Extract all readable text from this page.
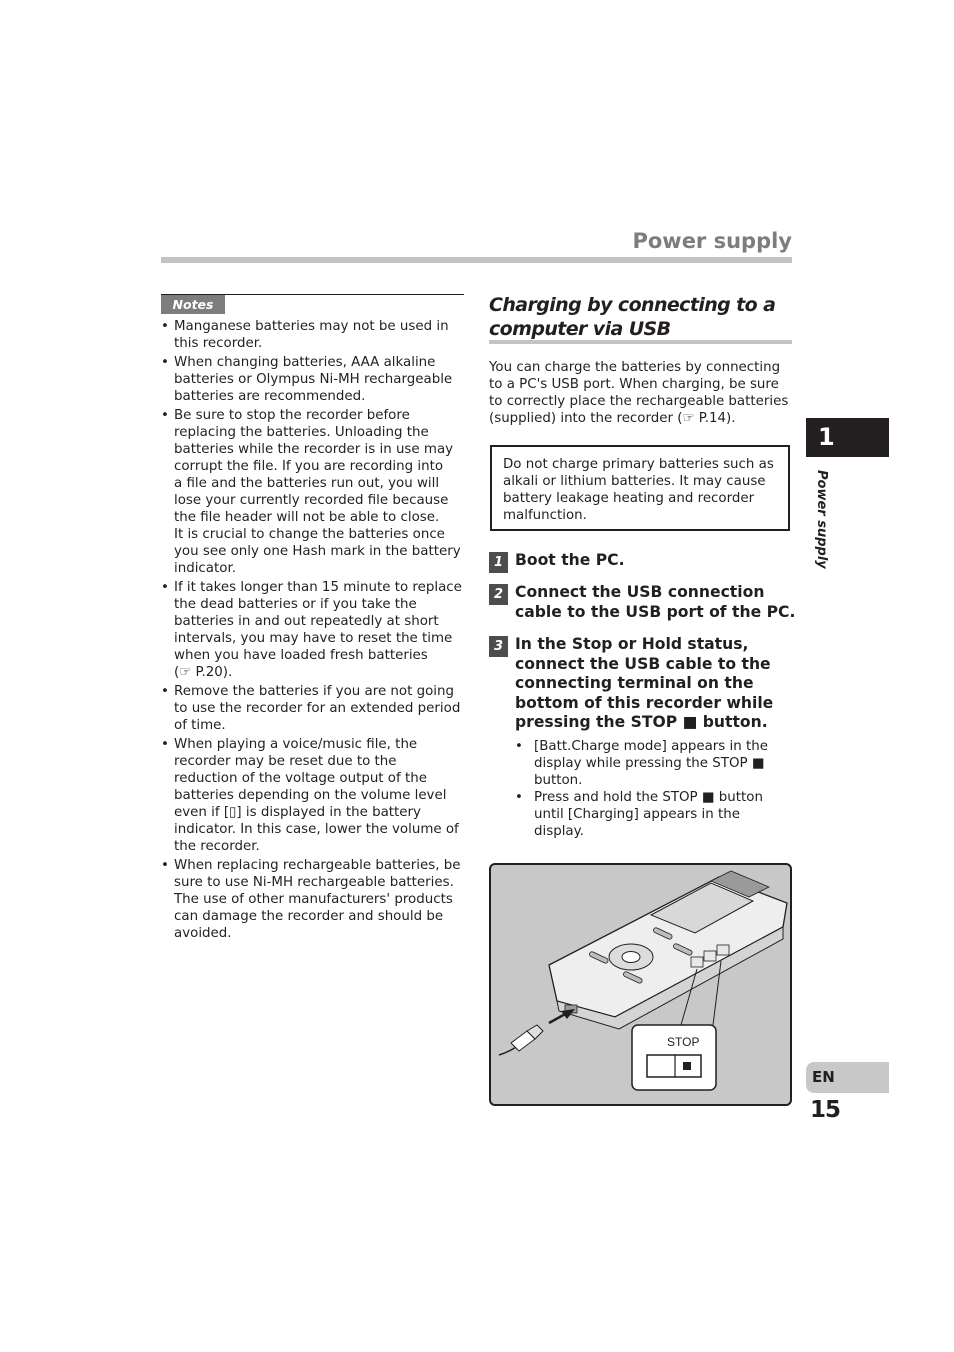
Power supply
Notes
• Manganese batteries may not be used in
this recorder.
• When changing batteries, AAA alkaline
batteries or Olympus Ni-MH rechargeable
batteries are recommended.
• Be sure to stop the recorder before
replacing the batteries. Unloading the
batteries while the recorder is in use may
corrupt the file. If you are recording into
a file and the batteries run out, you will
lose your currently recorded file because
the file header will not be able to close.
It is crucial to change the batteries once
you see only one Hash mark in the battery
indicator.
• If it takes longer than 15 minute to replace
the dead batteries or if you take the
batteries in and out repeatedly at short
intervals, you may have to reset the time
when you have loaded fresh batteries
(☞ P.20).
• Remove the batteries if you are not going
to use the recorder for an extended period
of time.
• When playing a voice/music file, the
recorder may be reset due to the
reduction of the voltage output of the
batteries depending on the volume level
even if [▯] is displayed in the battery
indicator. In this case, lower the volume of
the recorder.
• When replacing rechargeable batteries, be
sure to use Ni-MH rechargeable batteries.
The use of other manufacturers' products
can damage the recorder and should be
avoided.
Charging by connecting to a
computer via USB
You can charge the batteries by connecting
to a PC's USB port. When charging, be sure
to correctly place the rechargeable batteries
(supplied) into the recorder (☞ P.14).
Do not charge primary batteries such as
alkali or lithium batteries. It may cause
battery leakage heating and recorder
malfunction.
1 Boot the PC.
2 Connect the USB connection
cable to the USB port of the PC.
3 In the Stop or Hold status,
connect the USB cable to the
connecting terminal on the
bottom of this recorder while
pressing the STOP ■ button.
• [Batt.Charge mode] appears in the
display while pressing the STOP ■
button.
• Press and hold the STOP ■ button
until [Charging] appears in the
display.
STOP
1
Power supply
EN
15
